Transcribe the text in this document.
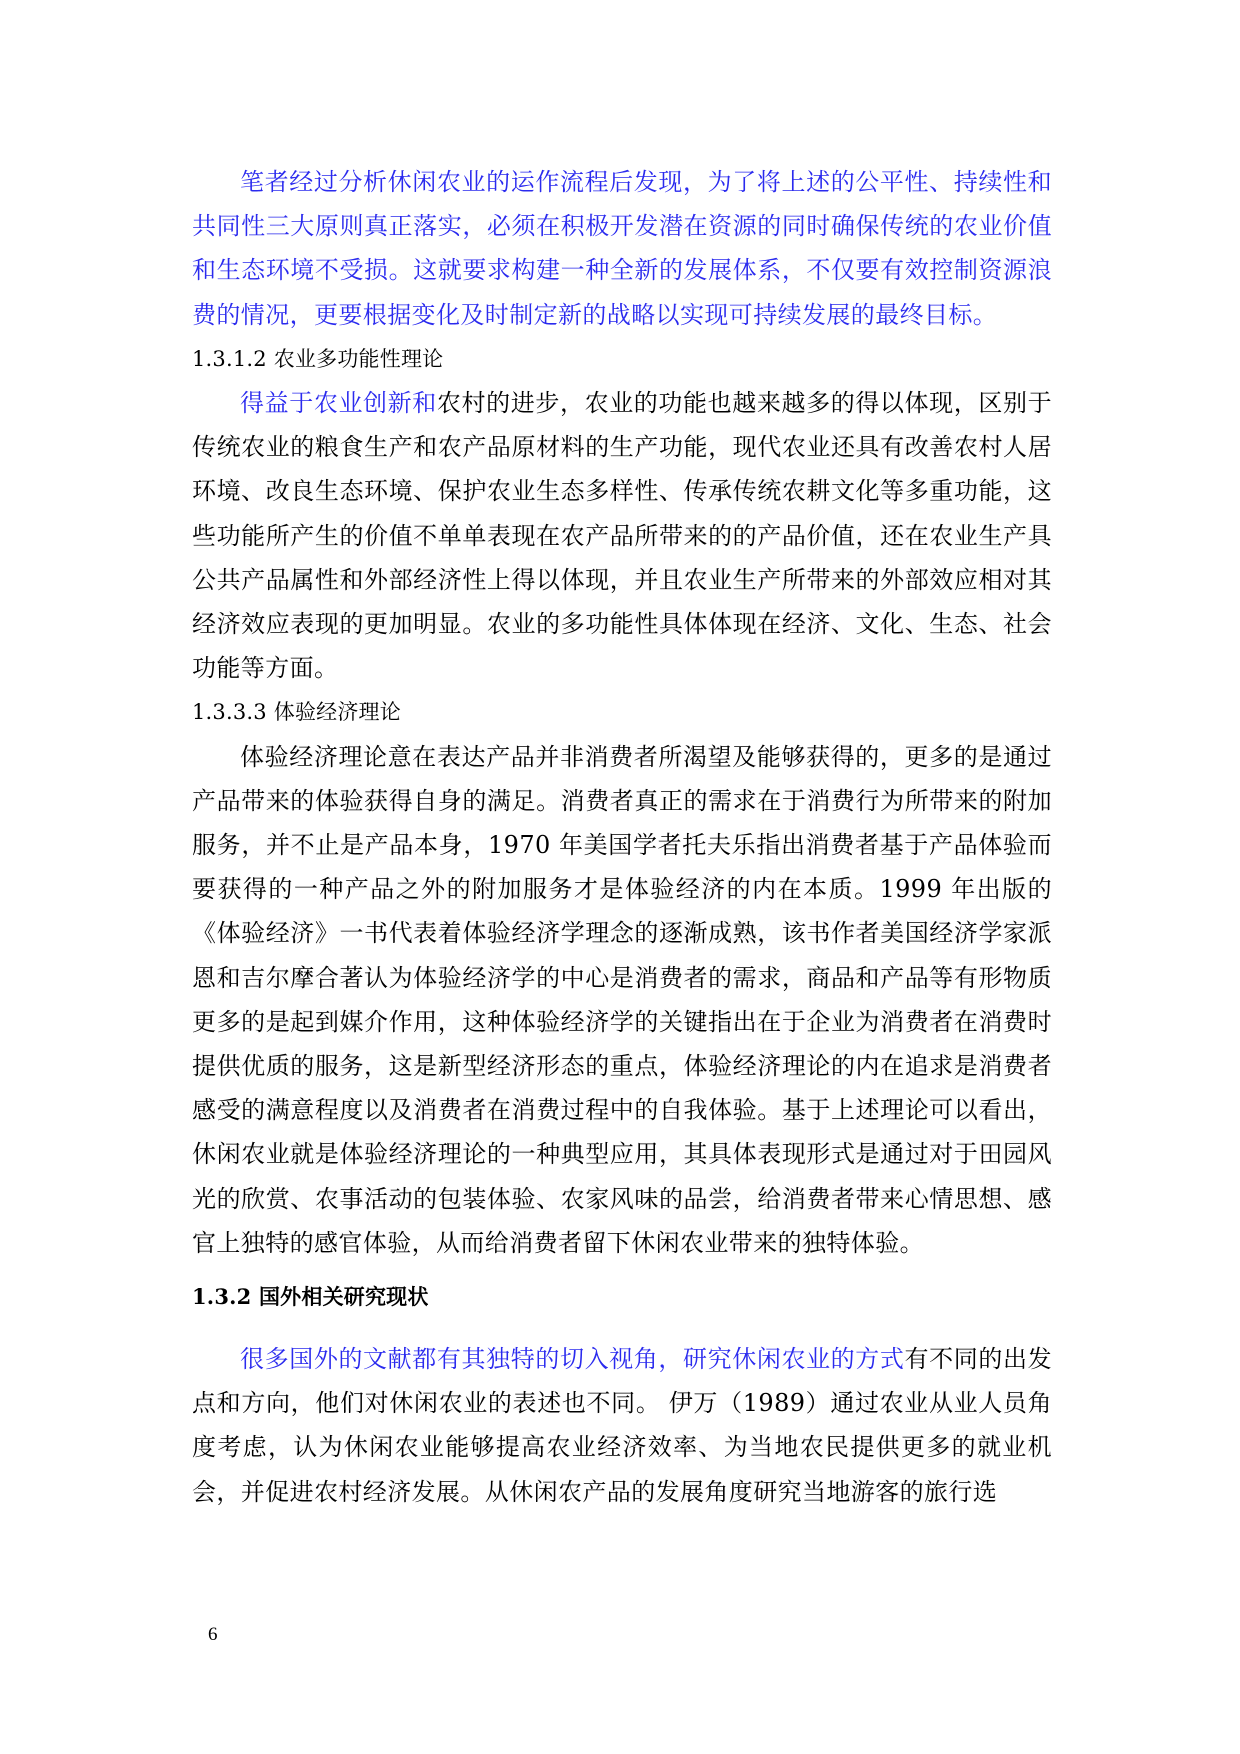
笔者经过分析休闲农业的运作流程后发现，为了将上述的公平性、持续性和共同性三大原则真正落实，必须在积极开发潜在资源的同时确保传统的农业价值和生态环境不受损。这就要求构建一种全新的发展体系，不仅要有效控制资源浪费的情况，更要根据变化及时制定新的战略以实现可持续发展的最终目标。

1.3.1.2 农业多功能性理论

得益于农业创新和农村的进步，农业的功能也越来越多的得以体现，区别于传统农业的粮食生产和农产品原材料的生产功能，现代农业还具有改善农村人居环境、改良生态环境、保护农业生态多样性、传承传统农耕文化等多重功能，这些功能所产生的价值不单单表现在农产品所带来的的产品价值，还在农业生产具公共产品属性和外部经济性上得以体现，并且农业生产所带来的外部效应相对其经济效应表现的更加明显。农业的多功能性具体体现在经济、文化、生态、社会功能等方面。

1.3.3.3 体验经济理论

体验经济理论意在表达产品并非消费者所渴望及能够获得的，更多的是通过产品带来的体验获得自身的满足。消费者真正的需求在于消费行为所带来的附加服务，并不止是产品本身，1970 年美国学者托夫乐指出消费者基于产品体验而要获得的一种产品之外的附加服务才是体验经济的内在本质。1999 年出版的《体验经济》一书代表着体验经济学理念的逐渐成熟，该书作者美国经济学家派恩和吉尔摩合著认为体验经济学的中心是消费者的需求，商品和产品等有形物质更多的是起到媒介作用，这种体验经济学的关键指出在于企业为消费者在消费时提供优质的服务，这是新型经济形态的重点，体验经济理论的内在追求是消费者感受的满意程度以及消费者在消费过程中的自我体验。基于上述理论可以看出，休闲农业就是体验经济理论的一种典型应用，其具体表现形式是通过对于田园风光的欣赏、农事活动的包装体验、农家风味的品尝，给消费者带来心情思想、感官上独特的感官体验，从而给消费者留下休闲农业带来的独特体验。

1.3.2 国外相关研究现状

很多国外的文献都有其独特的切入视角，研究休闲农业的方式有不同的出发点和方向，他们对休闲农业的表述也不同。 伊万（1989）通过农业从业人员角度考虑，认为休闲农业能够提高农业经济效率、为当地农民提供更多的就业机会，并促进农村经济发展。从休闲农产品的发展角度研究当地游客的旅行选

6
